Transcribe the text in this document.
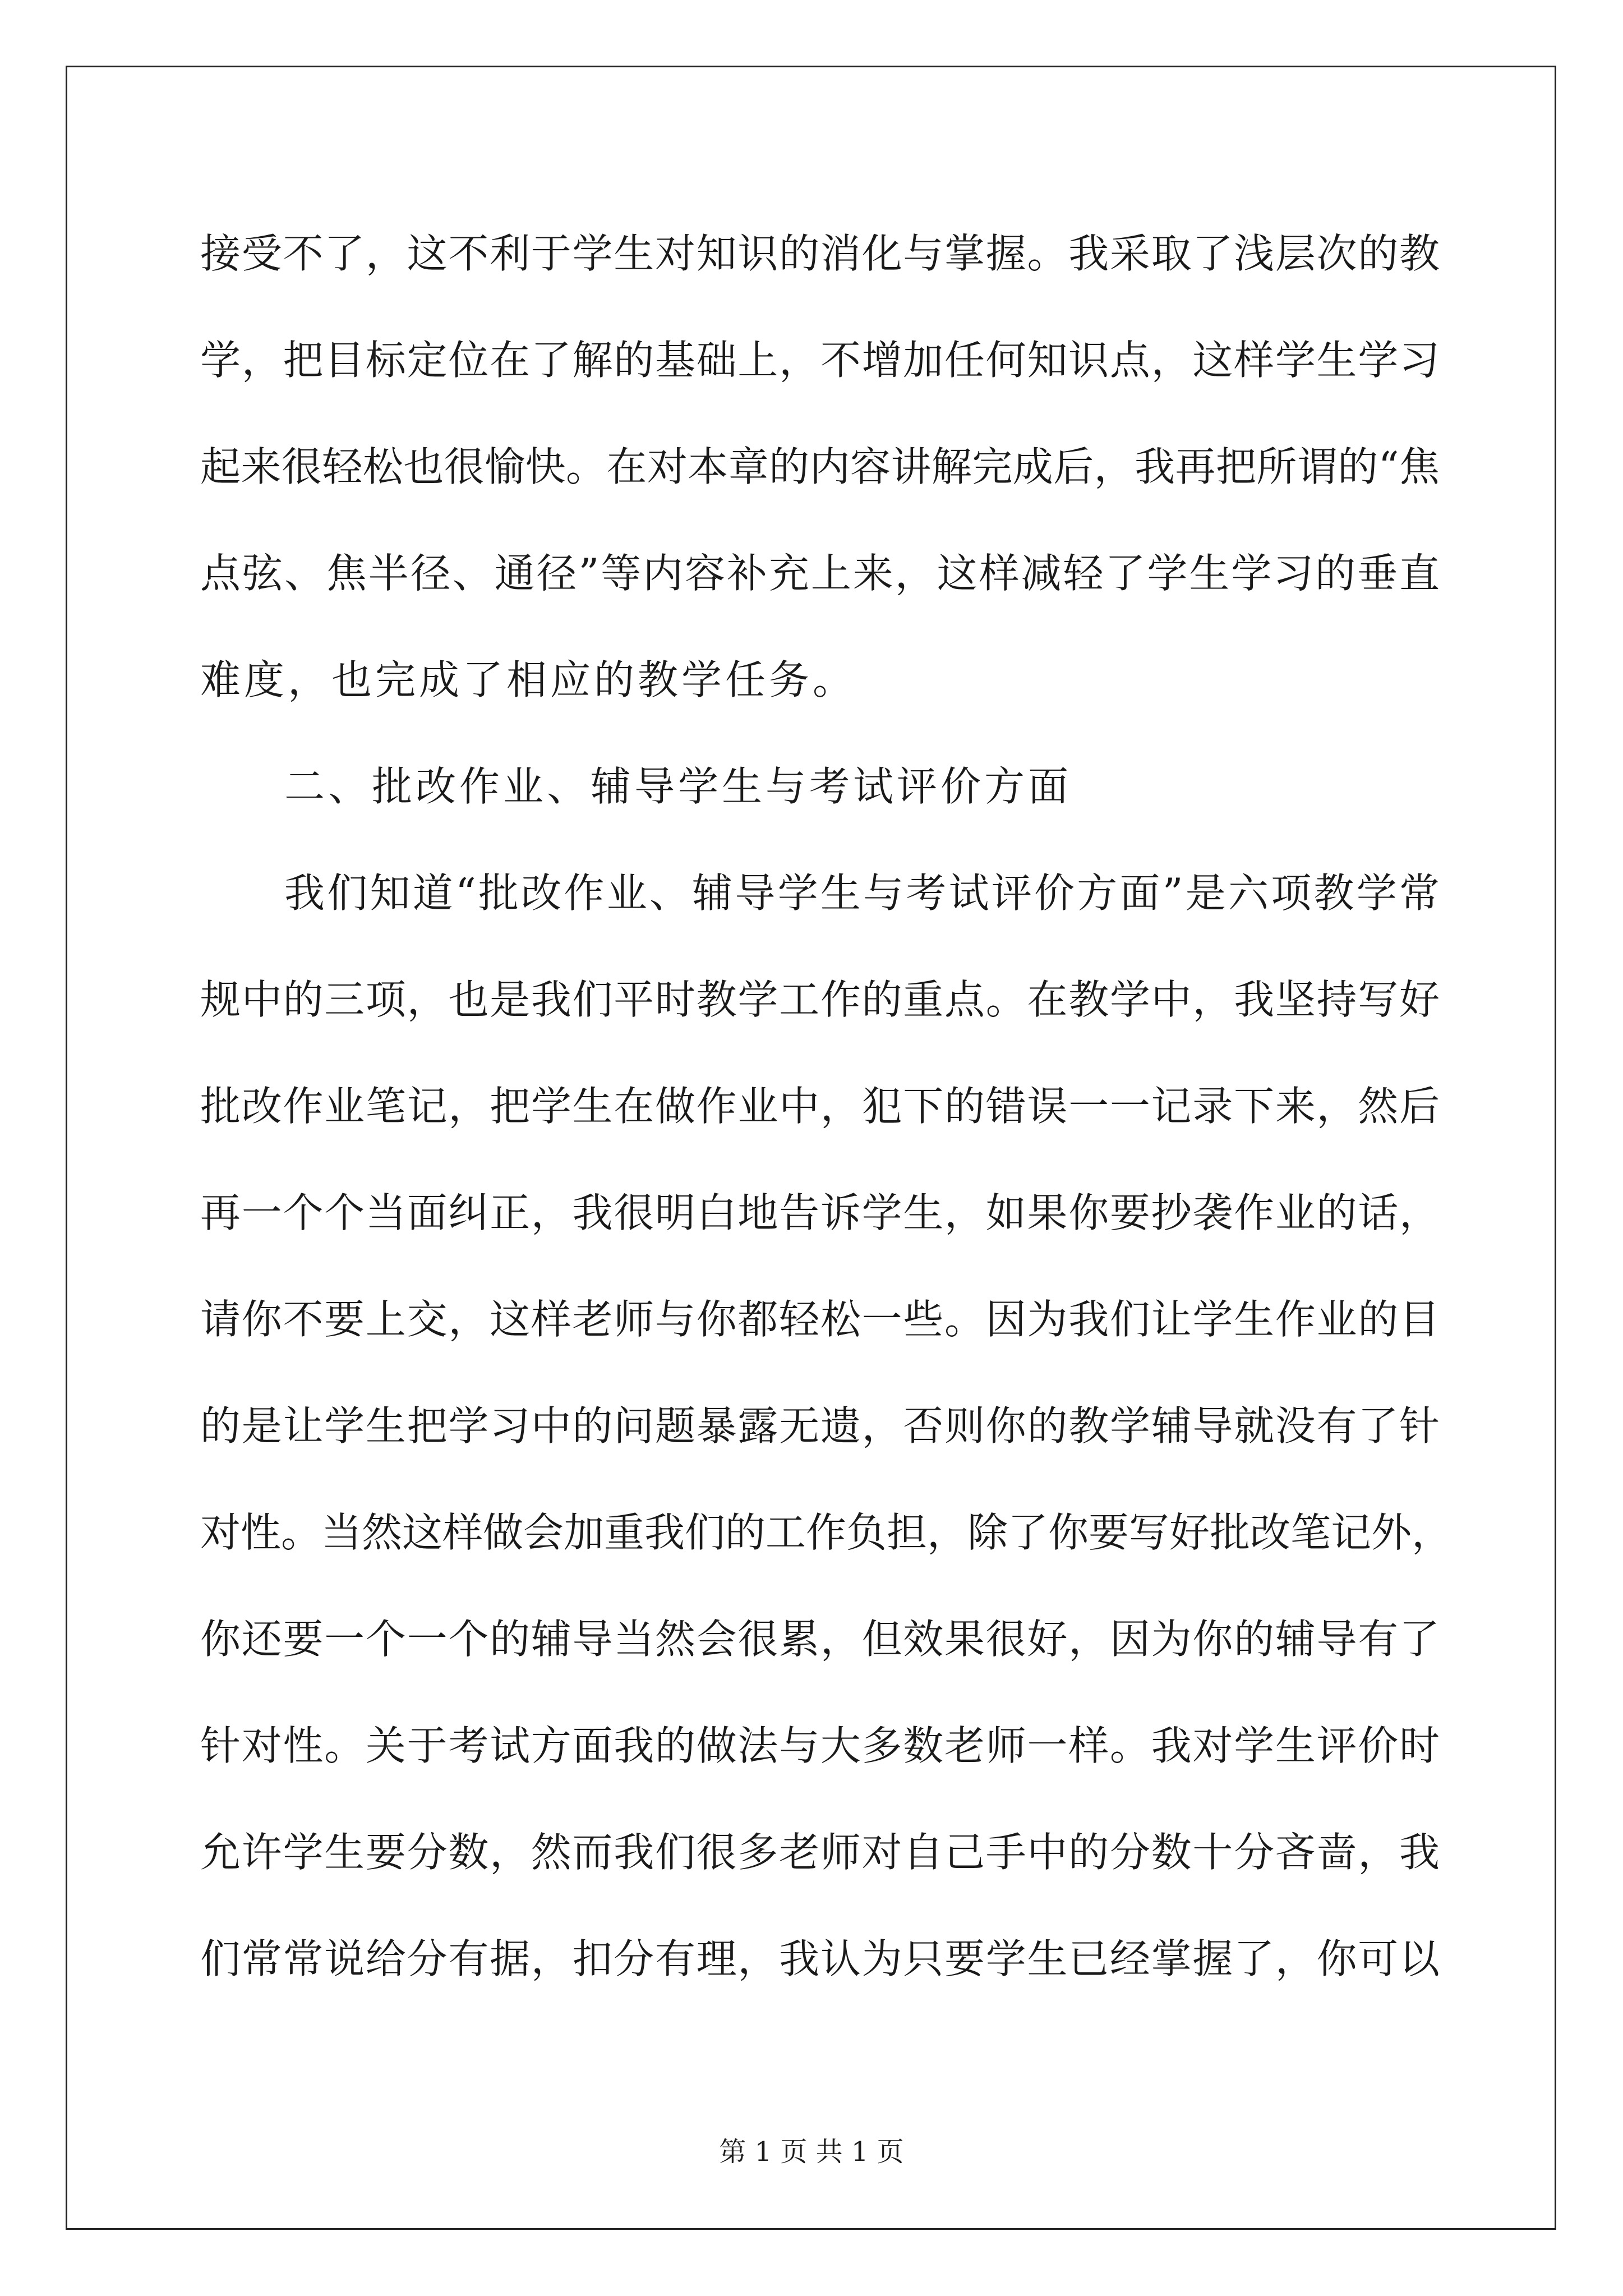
接受不了，这不利于学生对知识的消化与掌握。我采取了浅层次的教
学，把目标定位在了解的基础上，不增加任何知识点，这样学生学习
起来很轻松也很愉快。在对本章的内容讲解完成后，我再把所谓的“焦
点弦、焦半径、通径”等内容补充上来，这样减轻了学生学习的垂直
难度，也完成了相应的教学任务。
二、批改作业、辅导学生与考试评价方面
我们知道“批改作业、辅导学生与考试评价方面”是六项教学常
规中的三项，也是我们平时教学工作的重点。在教学中，我坚持写好
批改作业笔记，把学生在做作业中，犯下的错误一一记录下来，然后
再一个个当面纠正，我很明白地告诉学生，如果你要抄袭作业的话，
请你不要上交，这样老师与你都轻松一些。因为我们让学生作业的目
的是让学生把学习中的问题暴露无遗，否则你的教学辅导就没有了针
对性。当然这样做会加重我们的工作负担，除了你要写好批改笔记外，
你还要一个一个的辅导当然会很累，但效果很好，因为你的辅导有了
针对性。关于考试方面我的做法与大多数老师一样。我对学生评价时
允许学生要分数，然而我们很多老师对自己手中的分数十分吝啬，我
们常常说给分有据，扣分有理，我认为只要学生已经掌握了，你可以
第 1 页 共 1 页
